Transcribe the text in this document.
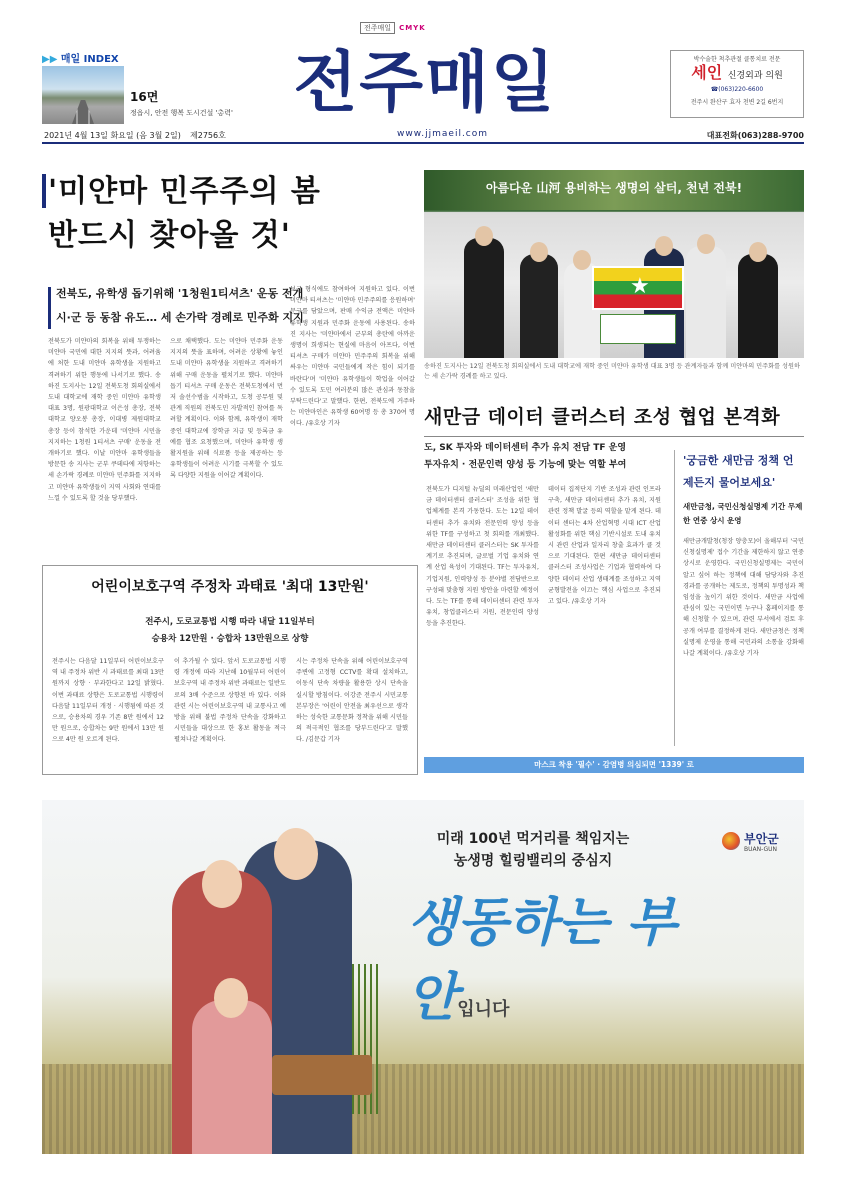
전주매일	CMYK
▶▶ 매일 INDEX
16면
정읍시, 안전 행복 도시건설 '총력' 전주매일	박수술한 척추관절 클통치료 전문
세인 신경외과 의원
☎(063)220-6600
전주시 완산구 효자 천변 2길 6번지
2021년 4월 13일 화요일 (음 3월 2일) 제2756호	www.jjmaeil.com	대표전화(063)288-9700
'미얀마 민주주의 봄
반드시 찾아올 것'
전북도, 유학생 돕기위해 '1청원1티셔츠' 운동 전개
시·군 등 동참 유도… 세 손가락 경례로 민주화 지지
전북도가 미얀마의 회복을 위해 투쟁하는 미얀마 국민에 대한 지지의 뜻과, 어려움에 처한 도내 미얀마 유학생을 지원하고 격려하기 위한 행동에 나서기로 했다. 송하진 도지사는 12일 전북도청 회의실에서 도내 대학교에 재학 중인 미얀마 유학생 대표 3명, 원광대학교 이은성 총장, 전북대학교 양오봉 총장, 이대병 제원대학교 총장 등이 참석한 가운데 '미얀마 시민을 지지하는 1청원 1티셔츠 구매' 운동을 전개하기로 했다. 이날 미얀마 유학생들을 방문한 송 지사는 군부 쿠데타에 저항하는 세 손가락 경례로 미얀마 민주화를 지지하고 미얀마 유학생들이 지역 사회와 연대를 느낄 수 있도록 할 것을 당부했다.
으로 채택했다. 도는 미얀마 민주화 운동 지지의 뜻을 표하며, 어려운 상황에 놓인 도내 미얀마 유학생을 지원하고 격려하기 위해 구매 운동을 펼치기로 했다. 미얀마 돕기 티셔츠 구매 운동은 전북도청에서 먼저 솔선수범을 시작하고, 도청 공무원 및 관계 직원의 전북도민 자발적인 참여를 독려할 계획이다. 이와 함께, 유학생이 재학중인 대학교에 장학금 지급 및 등록금 유예를 협조 요청했으며, 미얀마 유학생 생활지원을 위해 식료품 등을 제공하는 등 유학생들이 어려운 시기를 극복할 수 있도록 다양한 지원을 이어갈 계획이다.
보급 형식에도 참여하여 지원하고 있다. 이번 미얀마 티셔츠는 '미얀마 민주주의를 응원하며' 문구를 담았으며, 판매 수익금 전액은 미얀마 유학생 지원과 민주화 운동에 사용된다. 송하진 지사는 '미얀마에서 군부의 총탄에 아까운 생명이 희생되는 현실에 마음이 아프다, 이번 티셔츠 구매가 미얀마 민주주의 회복을 위해 싸우는 미얀마 국민들에게 작은 힘이 되기를 바란다'며 '미얀마 유학생들이 학업을 이어갈 수 있도록 도민 여러분의 많은 관심과 동참을 부탁드린다'고 말했다. 한편, 전북도에 거주하는 미얀마인은 유학생 60여명 등 총 370여 명이다. /유호상 기자
아름다운 山河 용비하는 생명의 살터, 천년 전북!
★
송하진 도지사는 12일 전북도청 회의실에서 도내 대학교에 재학 중인 미얀마 유학생 대표 3명 등 관계자들과 함께 미얀마의 민주화를 성원하는 세 손가락 경례를 하고 있다.
새만금 데이터 클러스터 조성 협업 본격화
도, SK 투자와 데이터센터 추가 유치 전담 TF 운영
투자유치 · 전문인력 양성 등 기능에 맞는 역할 부여
전북도가 디지털 뉴딜의 미래산업인 '새만금 데이터센터 클러스터' 조성을 위한 협업체계를 본격 가동한다. 도는 12일 데이터센터 추가 유치와 전문인력 양성 등을 위한 TF를 구성하고 첫 회의를 개최했다. 새만금 데이터센터 클러스터는 SK 투자를 계기로 추진되며, 글로벌 기업 유치와 연계 산업 육성이 기대된다. TF는 투자유치, 기업지원, 인력양성 등 분야별 전담반으로 구성돼 맞춤형 지원 방안을 마련할 예정이다. 도는 TF를 통해 데이터센터 관련 투자유치, 창업클러스터 지원, 전문인력 양성 등을 추진한다.
데이터 집적단지 기반 조성과 관련 인프라 구축, 새만금 데이터센터 추가 유치, 지원 관련 정책 발굴 등의 역할을 맡게 된다. 데이터 센터는 4차 산업혁명 시대 ICT 산업 활성화를 위한 핵심 기반시설로 도내 유치 시 관련 산업과 일자리 창출 효과가 클 것으로 기대된다. 한편 새만금 데이터센터 클러스터 조성사업은 기업과 협력하여 다양한 데이터 산업 생태계를 조성하고 지역 균형발전을 이끄는 핵심 사업으로 추진되고 있다. /유호상 기자
'궁금한 새만금 정책 언제든지 물어보세요'
새만금청, 국민신청실명제 기간 무제한 연중 상시 운영
새만금개발청(청장 양충모)이 올해부터 '국민신청실명제' 접수 기간을 제한하지 않고 연중 상시로 운영한다. 국민신청실명제는 국민이 알고 싶어 하는 정책에 대해 담당자와 추진 경과를 공개하는 제도로, 정책의 투명성과 책임성을 높이기 위한 것이다. 새만금 사업에 관심이 있는 국민이면 누구나 홈페이지를 통해 신청할 수 있으며, 관련 부서에서 검토 후 공개 여부를 결정하게 된다. 새만금청은 정책실명제 운영을 통해 국민과의 소통을 강화해 나갈 계획이다. /유호상 기자
마스크 착용 '필수' · 감염병 의심되면 '1339' 로
어린이보호구역 주정차 과태료 '최대 13만원'
전주시, 도로교통법 시행 따라 내달 11일부터
승용차 12만원 · 승합차 13만원으로 상향
전주시는 다음달 11일부터 어린이보호구역 내 주정차 위반 시 과태료를 최대 13만 원까지 상향 · 부과한다고 12일 밝혔다. 이번 과태료 상향은 도로교통법 시행령이 다음달 11일부터 개정 · 시행됨에 따른 것으로, 승용차의 경우 기존 8만 원에서 12만 원으로, 승합차는 9만 원에서 13만 원으로 4만 원 오르게 된다.
이 추가될 수 있다. 앞서 도로교통법 시행령 개정에 따라 지난해 10월부터 어린이보호구역 내 주정차 위반 과태료는 일반도로의 3배 수준으로 상향된 바 있다. 이와 관련 시는 어린이보호구역 내 교통사고 예방을 위해 불법 주정차 단속을 강화하고 시민들을 대상으로 한 홍보 활동을 적극 펼쳐나갈 계획이다.
시는 주정차 단속을 위해 어린이보호구역 주변에 고정형 CCTV를 확대 설치하고, 이동식 단속 차량을 활용한 상시 단속을 실시할 방침이다. 이강준 전주시 시민교통본부장은 '어린이 안전을 최우선으로 생각하는 성숙한 교통문화 정착을 위해 시민들의 적극적인 협조를 당부드린다'고 말했다. /김문갑 기자
미래 100년 먹거리를 책임지는
농생명 힐링밸리의 중심지
생동하는 부안입니다
부안군
BUAN-GUN
